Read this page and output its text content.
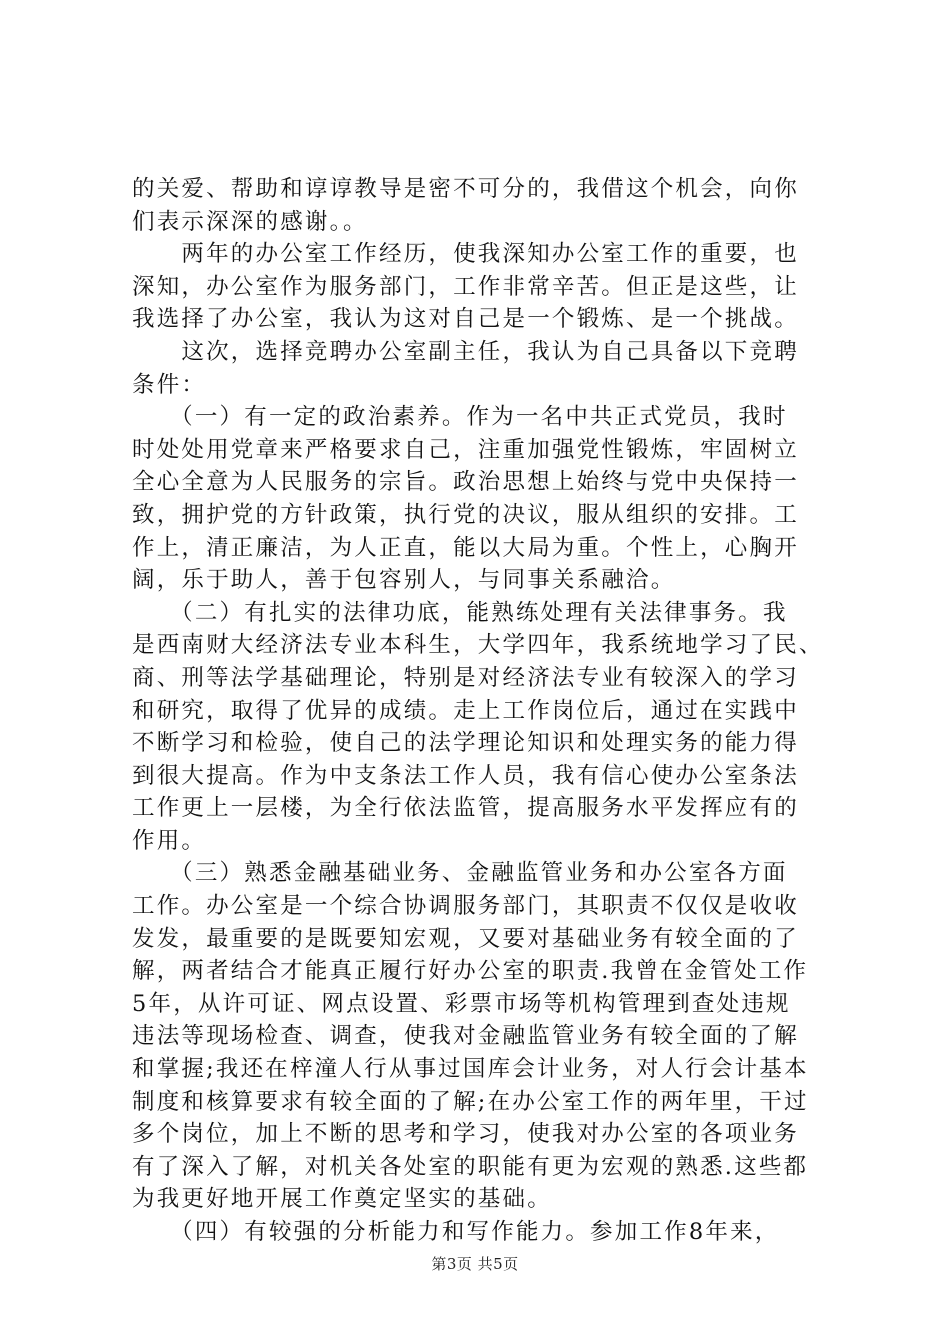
的关爱、帮助和谆谆教导是密不可分的，我借这个机会，向你
们表示深深的感谢。。
　　两年的办公室工作经历，使我深知办公室工作的重要，也
深知，办公室作为服务部门，工作非常辛苦。但正是这些，让
我选择了办公室，我认为这对自己是一个锻炼、是一个挑战。
　　这次，选择竞聘办公室副主任，我认为自己具备以下竞聘
条件：
　　（一）有一定的政治素养。作为一名中共正式党员，我时
时处处用党章来严格要求自己，注重加强党性锻炼，牢固树立
全心全意为人民服务的宗旨。政治思想上始终与党中央保持一
致，拥护党的方针政策，执行党的决议，服从组织的安排。工
作上，清正廉洁，为人正直，能以大局为重。个性上，心胸开
阔，乐于助人，善于包容别人，与同事关系融洽。
　　（二）有扎实的法律功底，能熟练处理有关法律事务。我
是西南财大经济法专业本科生，大学四年，我系统地学习了民、
商、刑等法学基础理论，特别是对经济法专业有较深入的学习
和研究，取得了优异的成绩。走上工作岗位后，通过在实践中
不断学习和检验，使自己的法学理论知识和处理实务的能力得
到很大提高。作为中支条法工作人员，我有信心使办公室条法
工作更上一层楼，为全行依法监管，提高服务水平发挥应有的
作用。
　　（三）熟悉金融基础业务、金融监管业务和办公室各方面
工作。办公室是一个综合协调服务部门，其职责不仅仅是收收
发发，最重要的是既要知宏观，又要对基础业务有较全面的了
解，两者结合才能真正履行好办公室的职责.我曾在金管处工作
5年，从许可证、网点设置、彩票市场等机构管理到查处违规
违法等现场检查、调查，使我对金融监管业务有较全面的了解
和掌握;我还在梓潼人行从事过国库会计业务，对人行会计基本
制度和核算要求有较全面的了解;在办公室工作的两年里，干过
多个岗位，加上不断的思考和学习，使我对办公室的各项业务
有了深入了解，对机关各处室的职能有更为宏观的熟悉.这些都
为我更好地开展工作奠定坚实的基础。
　　（四）有较强的分析能力和写作能力。参加工作8年来，
第3页 共5页
